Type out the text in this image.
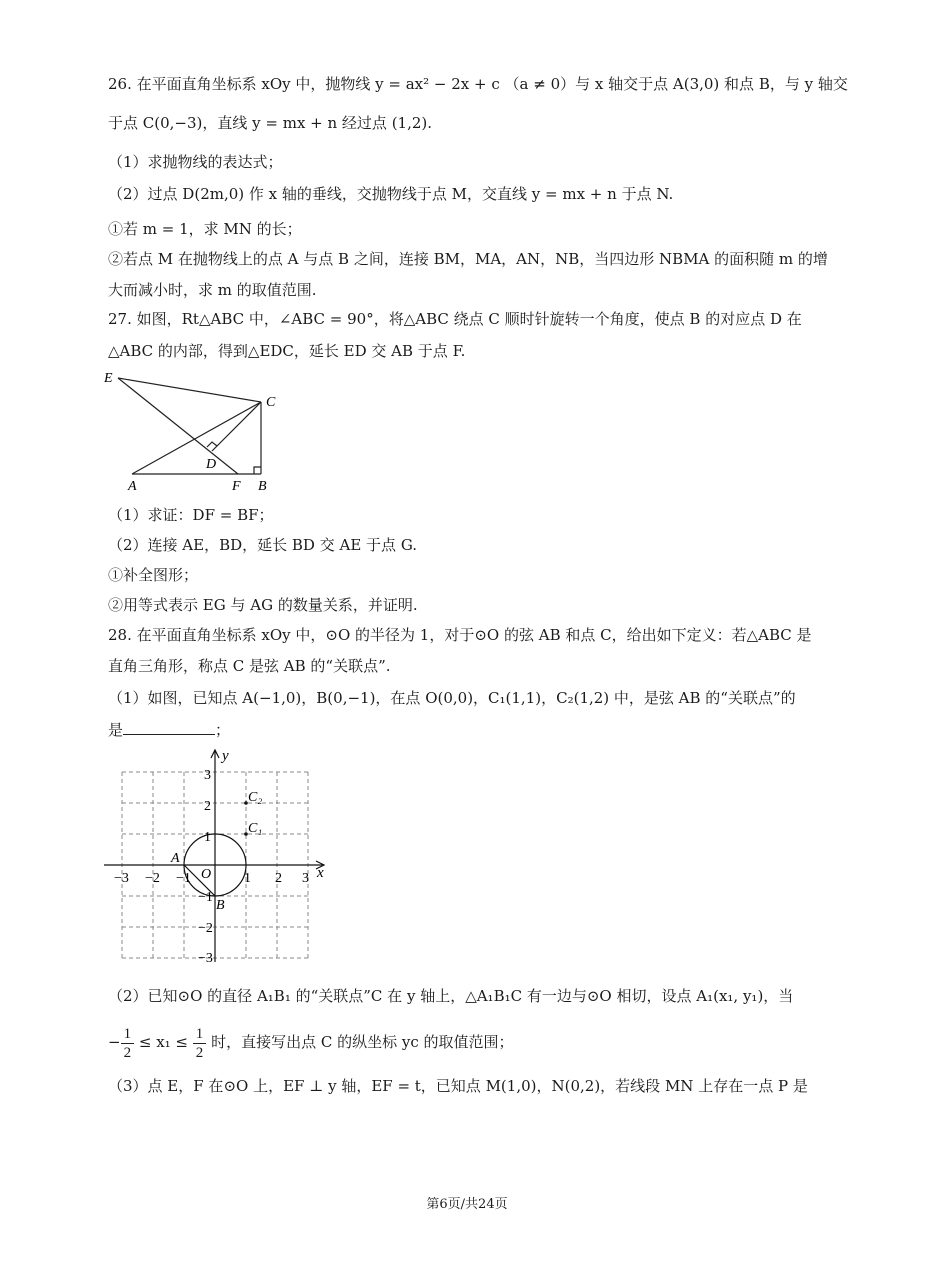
26. 在平面直角坐标系 xOy 中，抛物线 y = ax² − 2x + c （a ≠ 0）与 x 轴交于点 A(3,0) 和点 B，与 y 轴交
于点 C(0,−3)，直线 y = mx + n 经过点 (1,2).
（1）求抛物线的表达式；
（2）过点 D(2m,0) 作 x 轴的垂线，交抛物线于点 M，交直线 y = mx + n 于点 N.
①若 m = 1，求 MN 的长；
②若点 M 在抛物线上的点 A 与点 B 之间，连接 BM，MA，AN，NB，当四边形 NBMA 的面积随 m 的增
大而减小时，求 m 的取值范围.
27. 如图，Rt△ABC 中，∠ABC = 90°，将△ABC 绕点 C 顺时针旋转一个角度，使点 B 的对应点 D 在
△ABC 的内部，得到△EDC，延长 ED 交 AB 于点 F.
E
C
D
A	F B
（1）求证：DF = BF；
（2）连接 AE，BD，延长 BD 交 AE 于点 G.
①补全图形；
②用等式表示 EG 与 AG 的数量关系，并证明.
28. 在平面直角坐标系 xOy 中，⊙O 的半径为 1，对于⊙O 的弦 AB 和点 C，给出如下定义：若△ABC 是
直角三角形，称点 C 是弦 AB 的“关联点”.
（1）如图，已知点 A(−1,0)，B(0,−1)，在点 O(0,0)，C₁(1,1)，C₂(1,2) 中，是弦 AB 的“关联点”的
是	；
x
y
O
A
B
C₁
C₂
−3 −2 −1	1 2 3
3
2
1
−1
−2
−3
（2）已知⊙O 的直径 A₁B₁ 的“关联点”C 在 y 轴上，△A₁B₁C 有一边与⊙O 相切，设点 A₁(x₁, y₁)，当
− $\frac{1}{2} \le x_1 \le \frac{1}{2}$ 时，直接写出点 C 的纵坐标 yc 的取值范围；
（3）点 E，F 在⊙O 上，EF ⊥ y 轴，EF = t，已知点 M(1,0)，N(0,2)，若线段 MN 上存在一点 P 是
第6页/共24页
